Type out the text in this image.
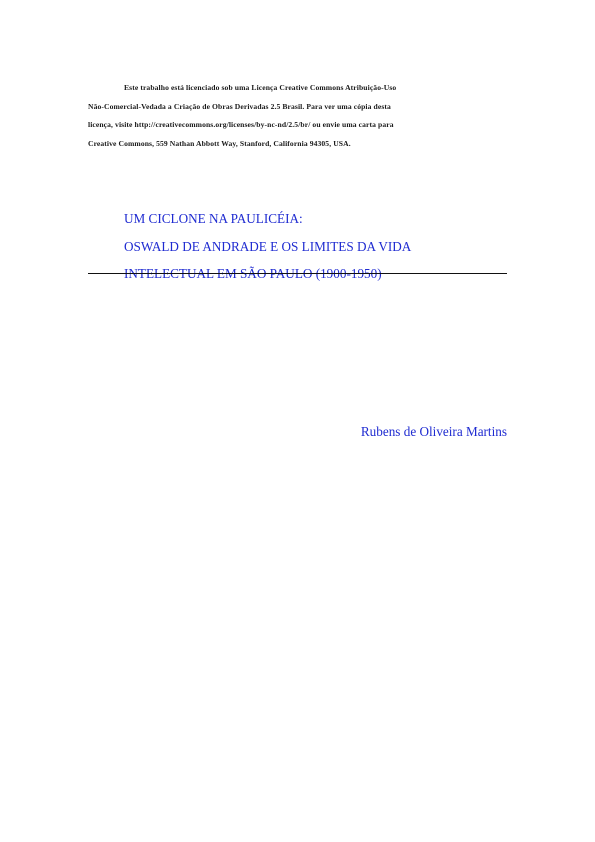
Este trabalho está licenciado sob uma Licença Creative Commons Atribuição-Uso
Não-Comercial-Vedada a Criação de Obras Derivadas 2.5 Brasil. Para ver uma cópia desta
licença, visite http://creativecommons.org/licenses/by-nc-nd/2.5/br/ ou envie uma carta para
Creative Commons, 559 Nathan Abbott Way, Stanford, California 94305, USA.
UM CICLONE NA PAULICÉIA:
OSWALD DE ANDRADE E OS LIMITES DA VIDA
INTELECTUAL EM SÃO PAULO (1900-1950)
Rubens de Oliveira Martins
